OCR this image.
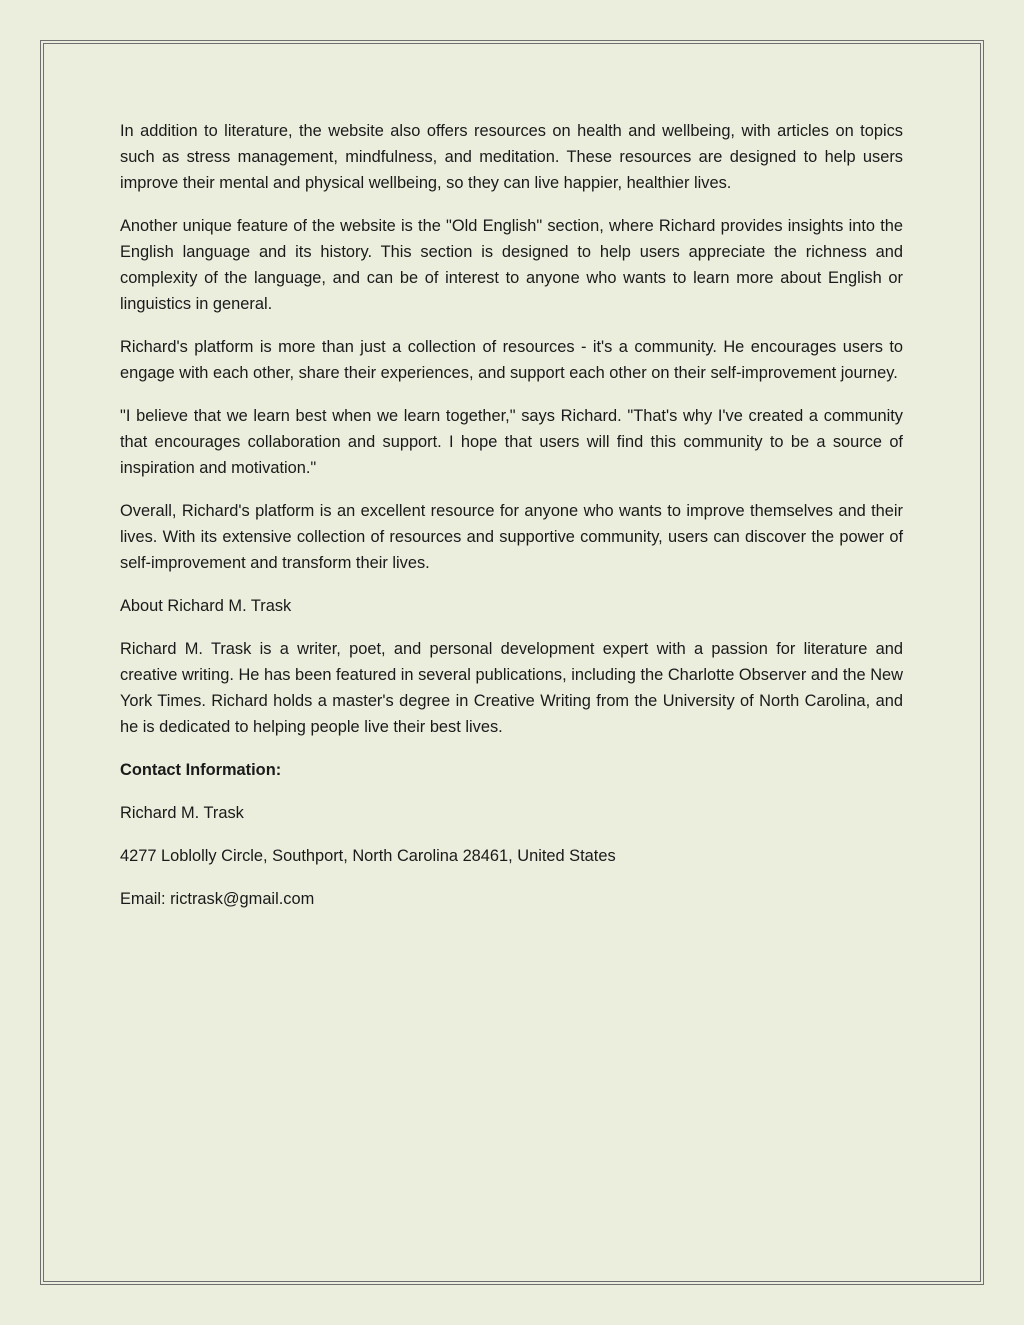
In addition to literature, the website also offers resources on health and wellbeing, with articles on topics such as stress management, mindfulness, and meditation. These resources are designed to help users improve their mental and physical wellbeing, so they can live happier, healthier lives.

Another unique feature of the website is the "Old English" section, where Richard provides insights into the English language and its history. This section is designed to help users appreciate the richness and complexity of the language, and can be of interest to anyone who wants to learn more about English or linguistics in general.

Richard's platform is more than just a collection of resources - it's a community. He encourages users to engage with each other, share their experiences, and support each other on their self-improvement journey.

"I believe that we learn best when we learn together," says Richard. "That's why I've created a community that encourages collaboration and support. I hope that users will find this community to be a source of inspiration and motivation."

Overall, Richard's platform is an excellent resource for anyone who wants to improve themselves and their lives. With its extensive collection of resources and supportive community, users can discover the power of self-improvement and transform their lives.

About Richard M. Trask

Richard M. Trask is a writer, poet, and personal development expert with a passion for literature and creative writing. He has been featured in several publications, including the Charlotte Observer and the New York Times. Richard holds a master's degree in Creative Writing from the University of North Carolina, and he is dedicated to helping people live their best lives.

Contact Information:

Richard M. Trask

4277 Loblolly Circle, Southport, North Carolina 28461, United States

Email: rictrask@gmail.com
